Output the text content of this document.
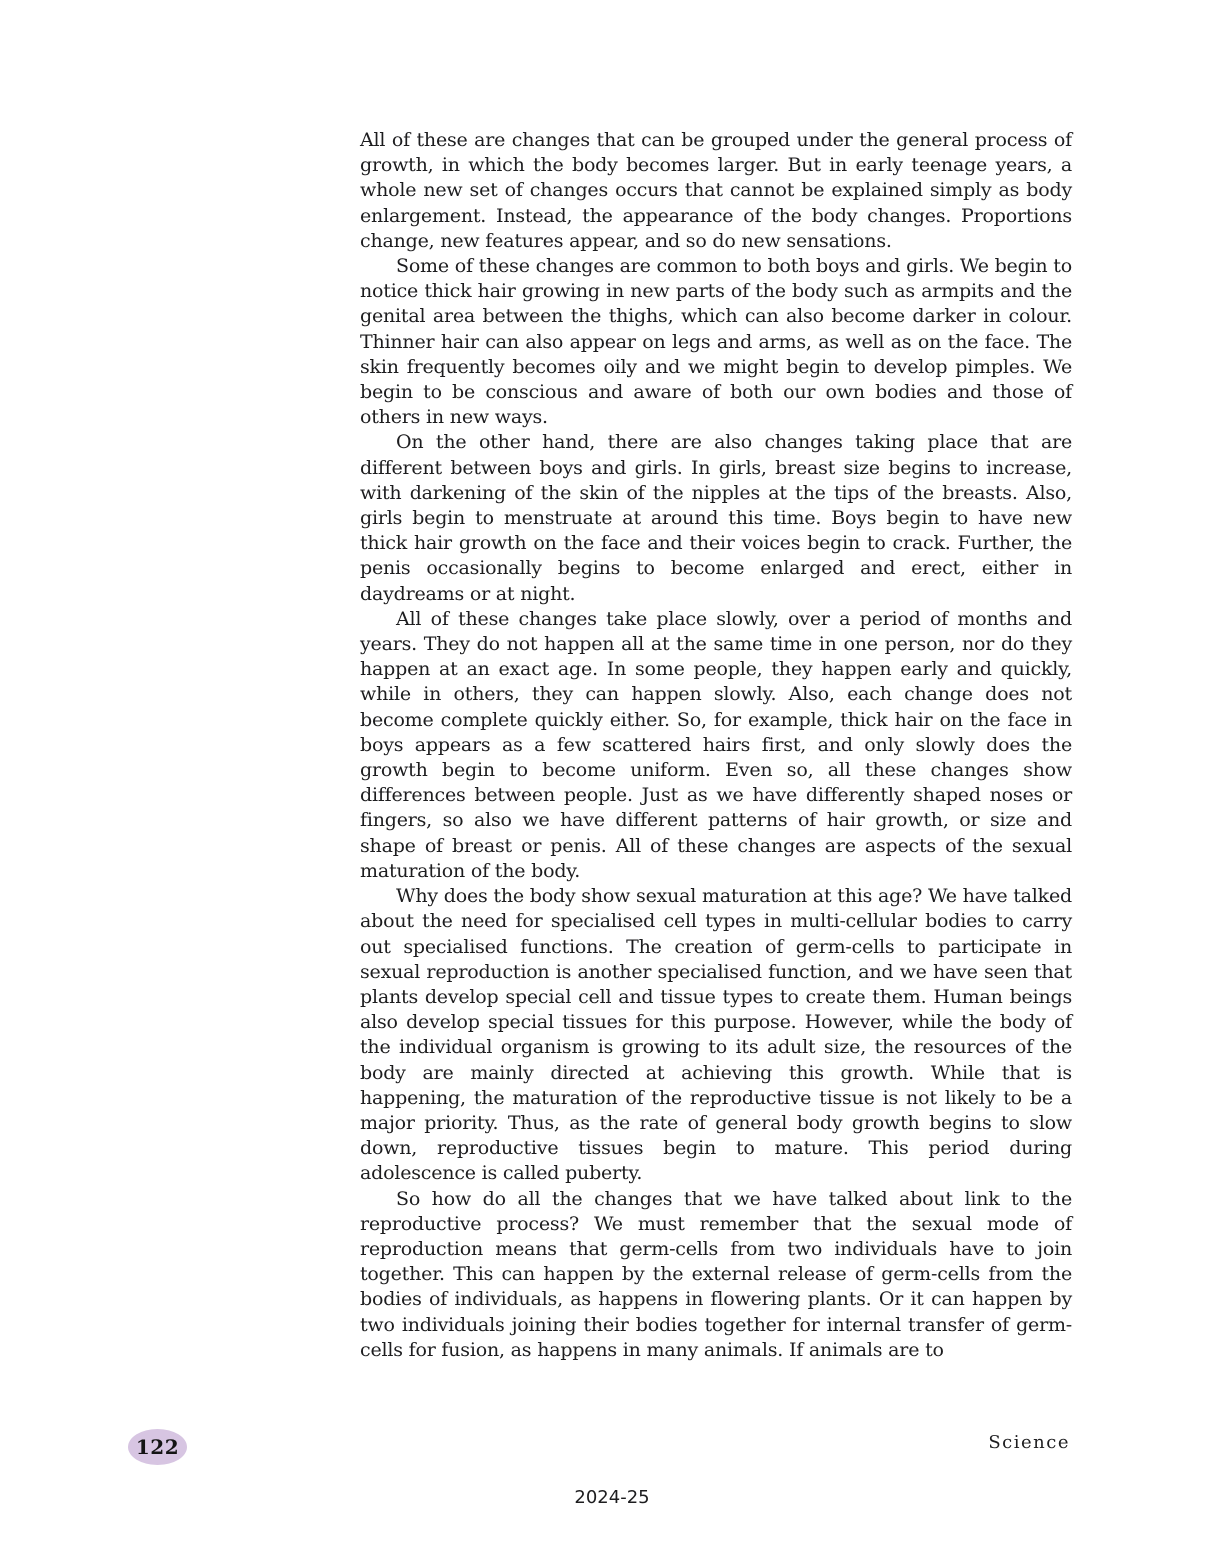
All of these are changes that can be grouped under the general process of growth, in which the body becomes larger. But in early teenage years, a whole new set of changes occurs that cannot be explained simply as body enlargement. Instead, the appearance of the body changes. Proportions change, new features appear, and so do new sensations.

Some of these changes are common to both boys and girls. We begin to notice thick hair growing in new parts of the body such as armpits and the genital area between the thighs, which can also become darker in colour. Thinner hair can also appear on legs and arms, as well as on the face. The skin frequently becomes oily and we might begin to develop pimples. We begin to be conscious and aware of both our own bodies and those of others in new ways.

On the other hand, there are also changes taking place that are different between boys and girls. In girls, breast size begins to increase, with darkening of the skin of the nipples at the tips of the breasts. Also, girls begin to menstruate at around this time. Boys begin to have new thick hair growth on the face and their voices begin to crack. Further, the penis occasionally begins to become enlarged and erect, either in daydreams or at night.

All of these changes take place slowly, over a period of months and years. They do not happen all at the same time in one person, nor do they happen at an exact age. In some people, they happen early and quickly, while in others, they can happen slowly. Also, each change does not become complete quickly either. So, for example, thick hair on the face in boys appears as a few scattered hairs first, and only slowly does the growth begin to become uniform. Even so, all these changes show differences between people. Just as we have differently shaped noses or fingers, so also we have different patterns of hair growth, or size and shape of breast or penis. All of these changes are aspects of the sexual maturation of the body.

Why does the body show sexual maturation at this age? We have talked about the need for specialised cell types in multi-cellular bodies to carry out specialised functions. The creation of germ-cells to participate in sexual reproduction is another specialised function, and we have seen that plants develop special cell and tissue types to create them. Human beings also develop special tissues for this purpose. However, while the body of the individual organism is growing to its adult size, the resources of the body are mainly directed at achieving this growth. While that is happening, the maturation of the reproductive tissue is not likely to be a major priority. Thus, as the rate of general body growth begins to slow down, reproductive tissues begin to mature. This period during adolescence is called puberty.

So how do all the changes that we have talked about link to the reproductive process? We must remember that the sexual mode of reproduction means that germ-cells from two individuals have to join together. This can happen by the external release of germ-cells from the bodies of individuals, as happens in flowering plants. Or it can happen by two individuals joining their bodies together for internal transfer of germ-cells for fusion, as happens in many animals. If animals are to

122	Science
2024-25
